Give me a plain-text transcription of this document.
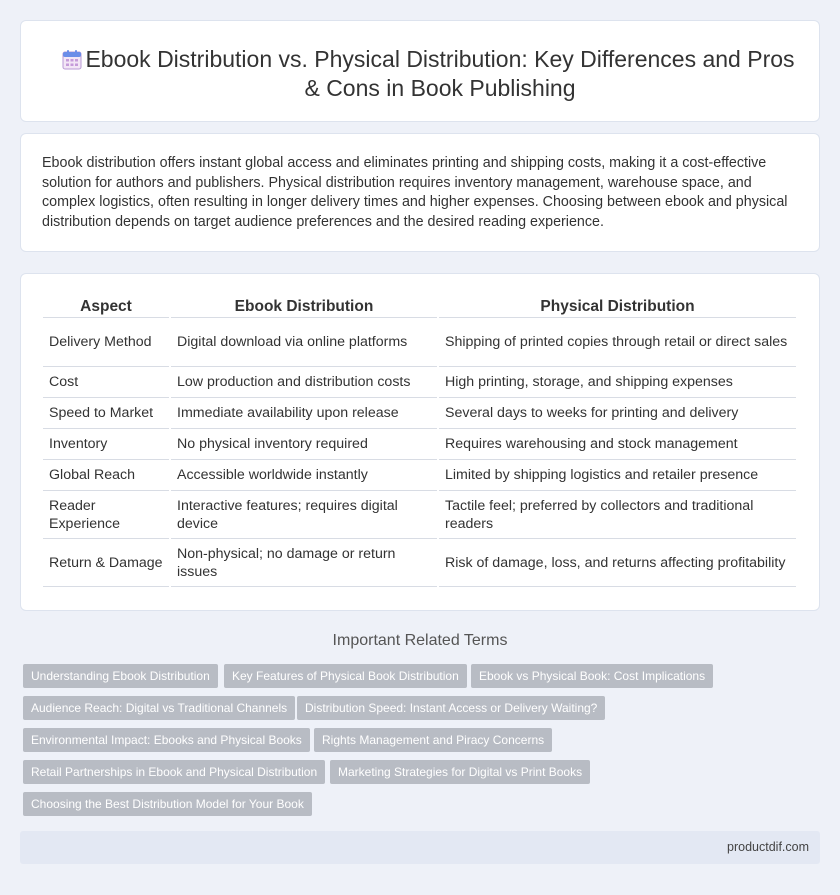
Ebook Distribution vs. Physical Distribution: Key Differences and Pros & Cons in Book Publishing

Ebook distribution offers instant global access and eliminates printing and shipping costs, making it a cost-effective solution for authors and publishers. Physical distribution requires inventory management, warehouse space, and complex logistics, often resulting in longer delivery times and higher expenses. Choosing between ebook and physical distribution depends on target audience preferences and the desired reading experience.

Aspect	Ebook Distribution	Physical Distribution
Delivery Method	Digital download via online platforms	Shipping of printed copies through retail or direct sales
Cost	Low production and distribution costs	High printing, storage, and shipping expenses
Speed to Market	Immediate availability upon release	Several days to weeks for printing and delivery
Inventory	No physical inventory required	Requires warehousing and stock management
Global Reach	Accessible worldwide instantly	Limited by shipping logistics and retailer presence
Reader Experience	Interactive features; requires digital device	Tactile feel; preferred by collectors and traditional readers
Return & Damage	Non-physical; no damage or return issues	Risk of damage, loss, and returns affecting profitability
Important Related Terms
Understanding Ebook Distribution	Key Features of Physical Book Distribution	Ebook vs Physical Book: Cost Implications
Audience Reach: Digital vs Traditional Channels	Distribution Speed: Instant Access or Delivery Waiting?
Environmental Impact: Ebooks and Physical Books	Rights Management and Piracy Concerns
Retail Partnerships in Ebook and Physical Distribution	Marketing Strategies for Digital vs Print Books
Choosing the Best Distribution Model for Your Book
productdif.com
